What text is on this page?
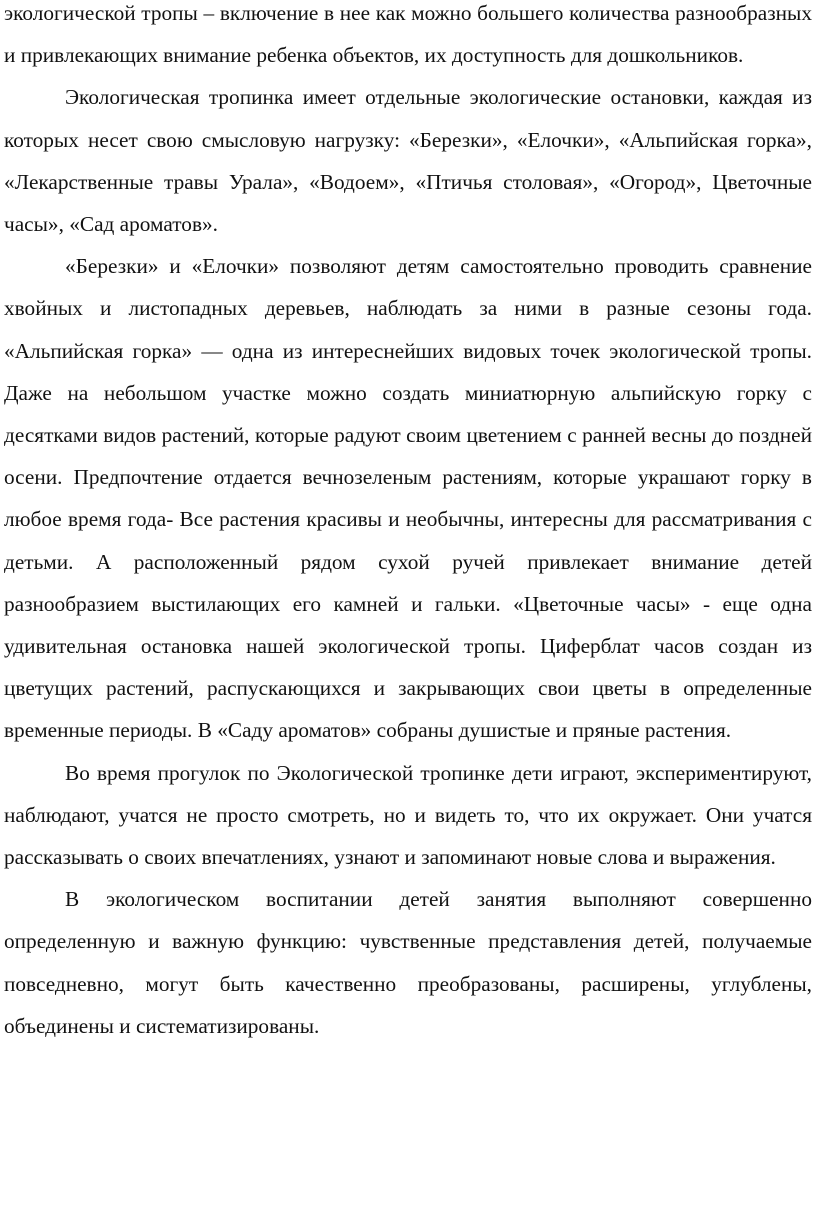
экологической тропы – включение в нее как можно большего количества разнообразных и привлекающих внимание ребенка объектов, их доступность для дошкольников.

Экологическая тропинка имеет отдельные экологические остановки, каждая из которых несет свою смысловую нагрузку: «Березки», «Елочки», «Альпийская горка», «Лекарственные травы Урала», «Водоем», «Птичья столовая», «Огород», Цветочные часы», «Сад ароматов».

«Березки» и «Елочки» позволяют детям самостоятельно проводить сравнение хвойных и листопадных деревьев, наблюдать за ними в разные сезоны года. «Альпийская горка» — одна из интереснейших видовых точек экологической тропы. Даже на небольшом участке можно создать миниатюрную альпийскую горку с десятками видов растений, которые радуют своим цветением с ранней весны до поздней осени. Предпочтение отдается вечнозеленым растениям, которые украшают горку в любое время года- Все растения красивы и необычны, интересны для рассматривания с детьми. А расположенный рядом сухой ручей привлекает внимание детей разнообразием выстилающих его камней и гальки. «Цветочные часы» - еще одна удивительная остановка нашей экологической тропы. Циферблат часов создан из цветущих растений, распускающихся и закрывающих свои цветы в определенные временные периоды. В «Саду ароматов» собраны душистые и пряные растения.

Во время прогулок по Экологической тропинке дети играют, экспериментируют, наблюдают, учатся не просто смотреть, но и видеть то, что их окружает. Они учатся рассказывать о своих впечатлениях, узнают и запоминают новые слова и выражения.

В экологическом воспитании детей занятия выполняют совершенно определенную и важную функцию: чувственные представления детей, получаемые повседневно, могут быть качественно преобразованы, расширены, углублены, объединены и систематизированы.
